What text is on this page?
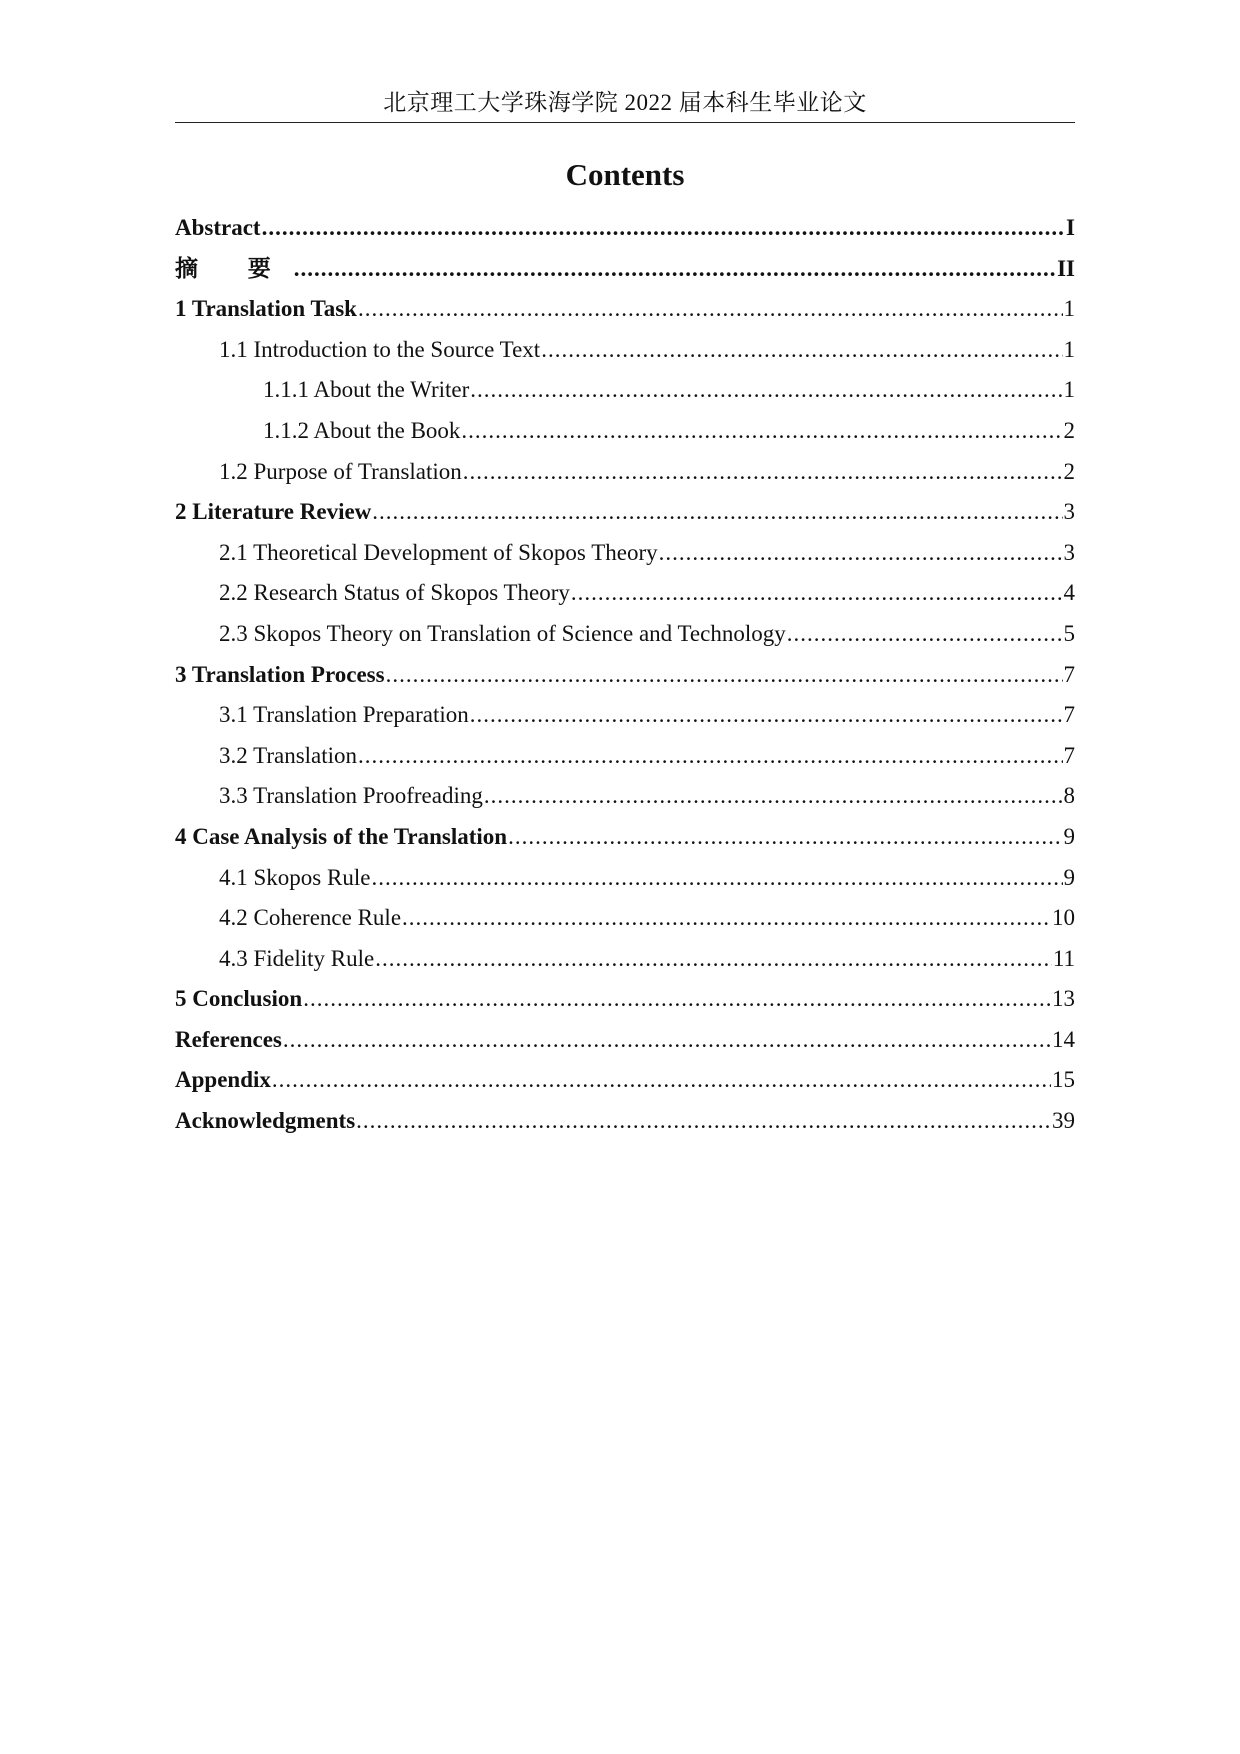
北京理工大学珠海学院 2022 届本科生毕业论文
Contents
Abstract .....	I
摘 要 .....	II
1 Translation Task .....	1
1.1 Introduction to the Source Text .....	1
1.1.1 About the Writer .....	1
1.1.2 About the Book .....	2
1.2 Purpose of Translation .....	2
2 Literature Review .....	3
2.1 Theoretical Development of Skopos Theory .....	3
2.2 Research Status of Skopos Theory .....	4
2.3 Skopos Theory on Translation of Science and Technology .....	5
3 Translation Process .....	7
3.1 Translation Preparation .....	7
3.2 Translation .....	7
3.3 Translation Proofreading .....	8
4 Case Analysis of the Translation .....	9
4.1 Skopos Rule .....	9
4.2 Coherence Rule .....	10
4.3 Fidelity Rule .....	11
5 Conclusion .....	13
References .....	14
Appendix .....	15
Acknowledgments .....	39
